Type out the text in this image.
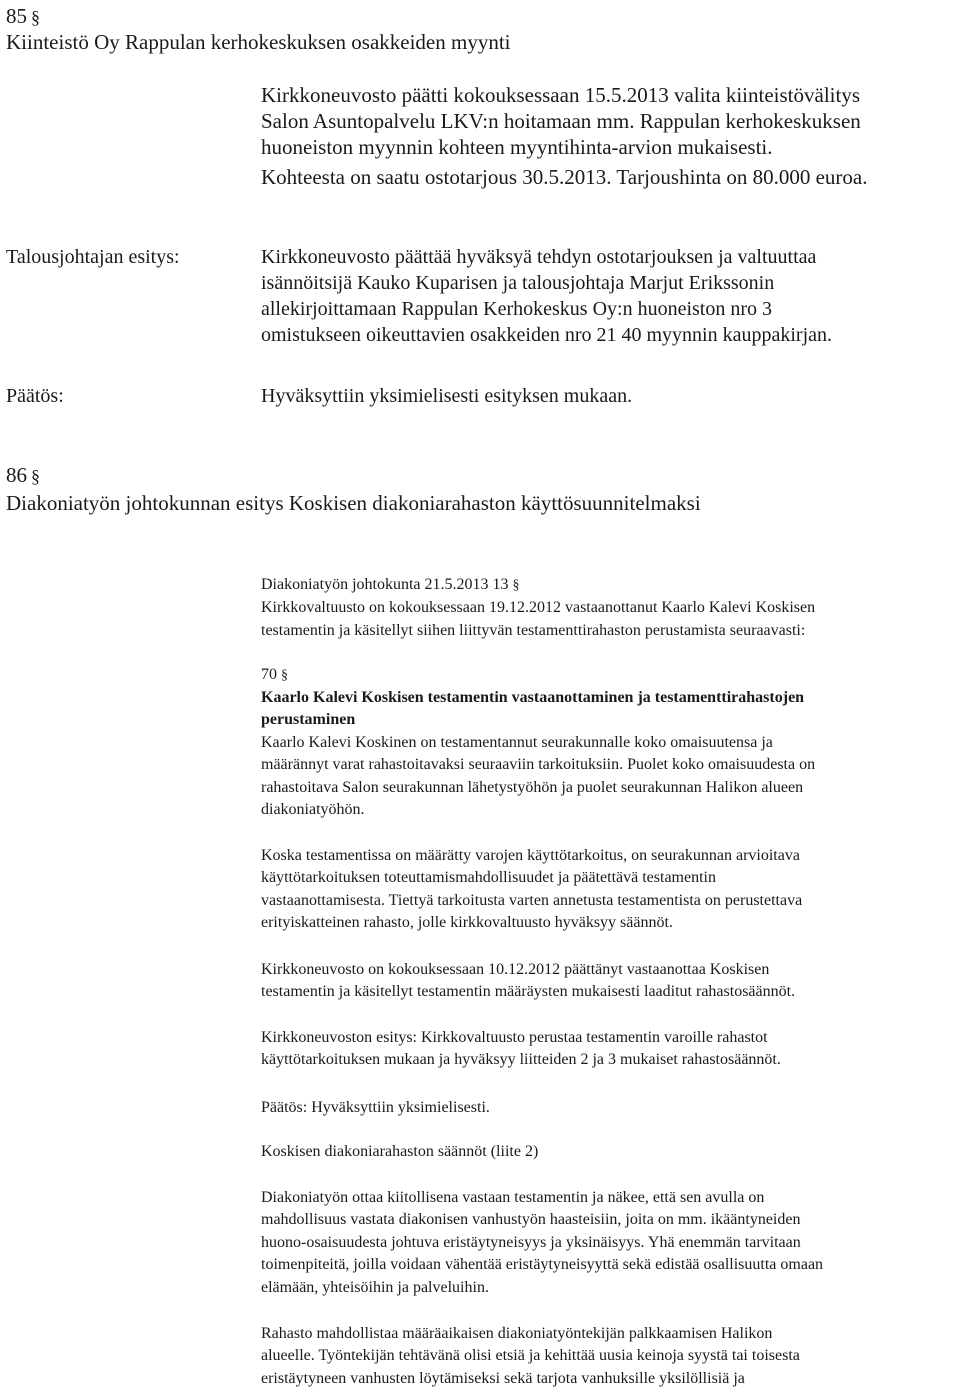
85 §
Kiinteistö Oy Rappulan kerhokeskuksen osakkeiden myynti
Kirkkoneuvosto päätti kokouksessaan 15.5.2013 valita kiinteistövälitys
Salon Asuntopalvelu LKV:n hoitamaan mm. Rappulan kerhokeskuksen
huoneiston myynnin kohteen myyntihinta-arvion mukaisesti.
Kohteesta on saatu ostotarjous 30.5.2013. Tarjoushinta on 80.000 euroa.
Talousjohtajan esitys:	Kirkkoneuvosto päättää hyväksyä tehdyn ostotarjouksen ja valtuuttaa
isännöitsijä Kauko Kuparisen ja talousjohtaja Marjut Erikssonin
allekirjoittamaan Rappulan Kerhokeskus Oy:n huoneiston nro 3
omistukseen oikeuttavien osakkeiden nro 21 40 myynnin kauppakirjan.
Päätös:	Hyväksyttiin yksimielisesti esityksen mukaan.
86 §
Diakoniatyön johtokunnan esitys Koskisen diakoniarahaston käyttösuunnitelmaksi
Diakoniatyön johtokunta 21.5.2013 13 §
Kirkkovaltuusto on kokouksessaan 19.12.2012 vastaanottanut Kaarlo Kalevi Koskisen
testamentin ja käsitellyt siihen liittyvän testamenttirahaston perustamista seuraavasti:
70 §
Kaarlo Kalevi Koskisen testamentin vastaanottaminen ja testamenttirahastojen
perustaminen
Kaarlo Kalevi Koskinen on testamentannut seurakunnalle koko omaisuutensa ja
määrännyt varat rahastoitavaksi seuraaviin tarkoituksiin. Puolet koko omaisuudesta on
rahastoitava Salon seurakunnan lähetystyöhön ja puolet seurakunnan Halikon alueen
diakoniatyöhön.
Koska testamentissa on määrätty varojen käyttötarkoitus, on seurakunnan arvioitava
käyttötarkoituksen toteuttamismahdollisuudet ja päätettävä testamentin
vastaanottamisesta. Tiettyä tarkoitusta varten annetusta testamentista on perustettava
erityiskatteinen rahasto, jolle kirkkovaltuusto hyväksyy säännöt.
Kirkkoneuvosto on kokouksessaan 10.12.2012 päättänyt vastaanottaa Koskisen
testamentin ja käsitellyt testamentin määräysten mukaisesti laaditut rahastosäännöt.
Kirkkoneuvoston esitys: Kirkkovaltuusto perustaa testamentin varoille rahastot
käyttötarkoituksen mukaan ja hyväksyy liitteiden 2 ja 3 mukaiset rahastosäännöt.
Päätös: Hyväksyttiin yksimielisesti.
Koskisen diakoniarahaston säännöt (liite 2)
Diakoniatyön ottaa kiitollisena vastaan testamentin ja näkee, että sen avulla on
mahdollisuus vastata diakonisen vanhustyön haasteisiin, joita on mm. ikääntyneiden
huono-osaisuudesta johtuva eristäytyneisyys ja yksinäisyys. Yhä enemmän tarvitaan
toimenpiteitä, joilla voidaan vähentää eristäytyneisyyttä sekä edistää osallisuutta omaan
elämään, yhteisöihin ja palveluihin.
Rahasto mahdollistaa määräaikaisen diakoniatyöntekijän palkkaamisen Halikon
alueelle. Työntekijän tehtävänä olisi etsiä ja kehittää uusia keinoja syystä tai toisesta
eristäytyneen vanhusten löytämiseksi sekä tarjota vanhuksille yksilöllisiä ja
